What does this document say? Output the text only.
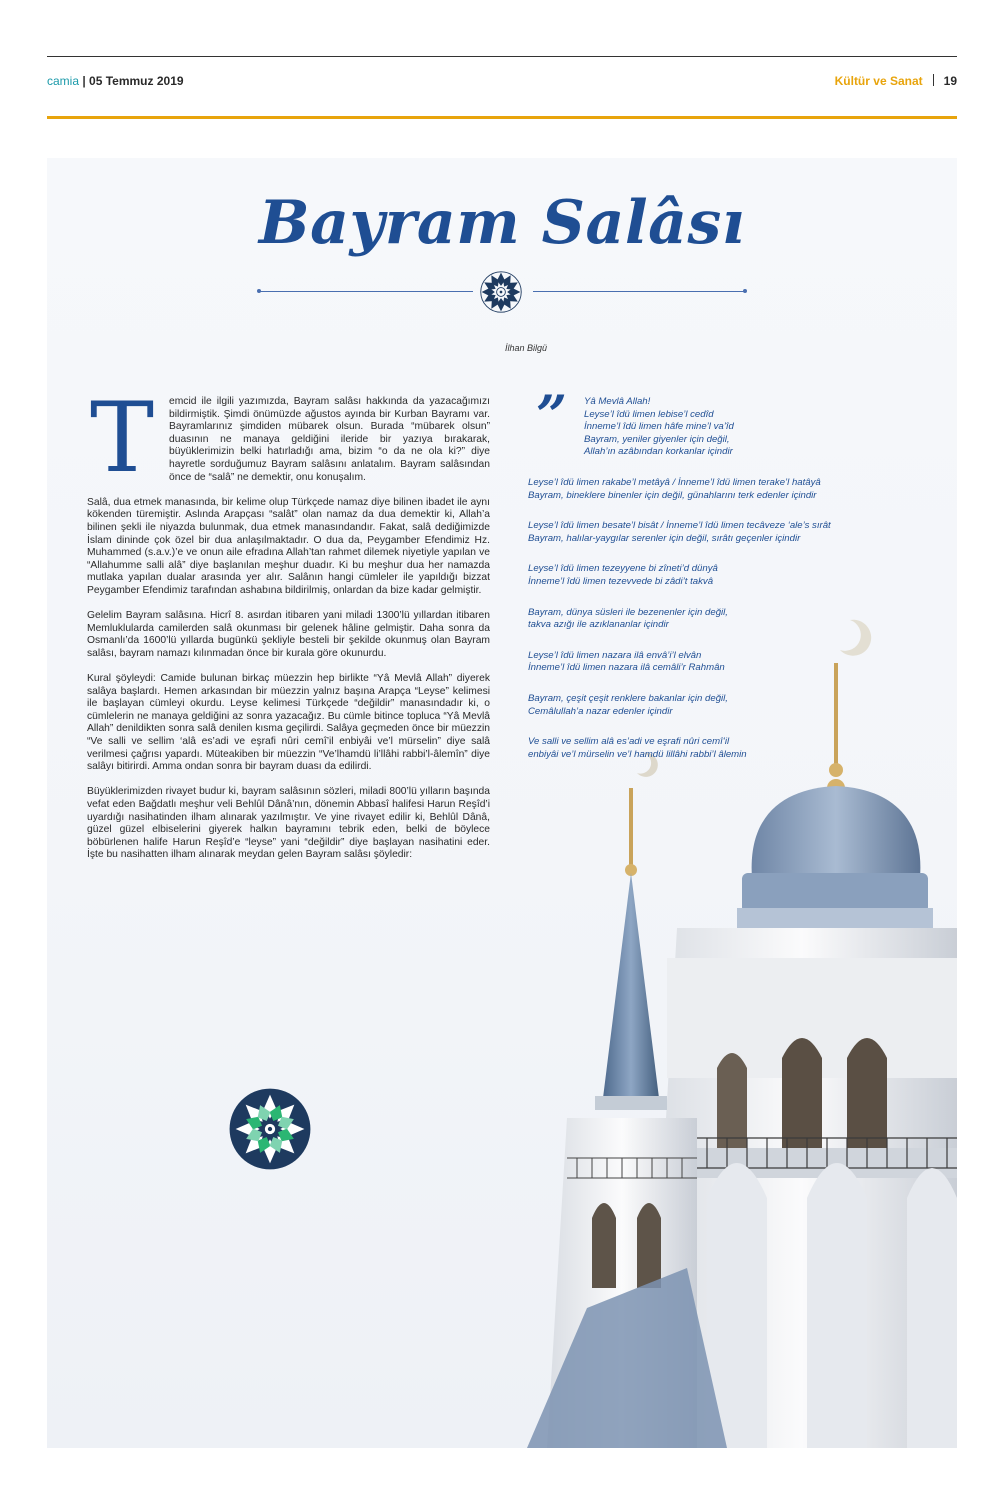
camia | 05 Temmuz 2019	Kültür ve Sanat 19
Bayram Salâsı
İlhan Bilgü

T emcid ile ilgili yazımızda, Bayram salâsı hakkında da yazacağımızı bildirmiştik. Şimdi önümüzde ağustos ayında bir Kurban Bayramı var. Bayramlarınız şimdiden mübarek olsun. Burada “mübarek olsun” duasının ne manaya geldiğini ileride bir yazıya bırakarak, büyüklerimizin belki hatırladığı ama, bizim “o da ne ola ki?” diye hayretle sorduğumuz Bayram salâsını anlatalım. Bayram salâsından önce de “salâ” ne demektir, onu konuşalım.

Salâ, dua etmek manasında, bir kelime olup Türkçede namaz diye bilinen ibadet ile aynı kökenden türemiştir. Aslında Arapçası “salât” olan namaz da dua demektir ki, Allah’a bilinen şekli ile niyazda bulunmak, dua etmek manasındandır. Fakat, salâ dediğimizde İslam dininde çok özel bir dua anlaşılmaktadır. O dua da, Peygamber Efendimiz Hz. Muhammed (s.a.v.)’e ve onun aile efradına Allah’tan rahmet dilemek niyetiyle yapılan ve “Allahumme salli alâ” diye başlanılan meşhur duadır. Ki bu meşhur dua her namazda mutlaka yapılan dualar arasında yer alır. Salânın hangi cümleler ile yapıldığı bizzat Peygamber Efendimiz tarafından ashabına bildirilmiş, onlardan da bize kadar gelmiştir.

Gelelim Bayram salâsına. Hicrî 8. asırdan itibaren yani miladi 1300’lü yıllardan itibaren Memluklularda camilerden salâ okunması bir gelenek hâline gelmiştir. Daha sonra da Osmanlı’da 1600’lü yıllarda bugünkü şekliyle besteli bir şekilde okunmuş olan Bayram salâsı, bayram namazı kılınmadan önce bir kurala göre okunurdu.

Kural şöyleydi: Camide bulunan birkaç müezzin hep birlikte “Yâ Mevlâ Allah” diyerek salâya başlardı. Hemen arkasından bir müezzin yalnız başına Arapça “Leyse” kelimesi ile başlayan cümleyi okurdu. Leyse kelimesi Türkçede “değildir” manasındadır ki, o cümlelerin ne manaya geldiğini az sonra yazacağız. Bu cümle bitince topluca “Yâ Mevlâ Allah” denildikten sonra salâ denilen kısma geçilirdi. Salâya geçmeden önce bir müezzin “Ve salli ve sellim ‘alâ es’adi ve eşrafi nûri cemî’il enbiyâi ve’l mürselin” diye salâ verilmesi çağrısı yapardı. Müteakiben bir müezzin “Ve’lhamdü li’llâhi rabbi’l-âlemîn” diye salâyı bitirirdi. Amma ondan sonra bir bayram duası da edilirdi.

Büyüklerimizden rivayet budur ki, bayram salâsının sözleri, miladi 800’lü yılların başında vefat eden Bağdatlı meşhur veli Behlûl Dânâ’nın, dönemin Abbasî halifesi Harun Reşîd’i uyardığı nasihatinden ilham alınarak yazılmıştır. Ve yine rivayet edilir ki, Behlûl Dânâ, güzel güzel elbiselerini giyerek halkın bayramını tebrik eden, belki de böylece böbürlenen halife Harun Reşîd’e “leyse” yani “değildir” diye başlayan nasihatini eder. İşte bu nasihatten ilham alınarak meydan gelen Bayram salâsı şöyledir:

” Yâ Mevlâ Allah!
Leyse’l îdü limen lebise’l cedîd
İnneme’l îdü limen hâfe mine’l va’îd
Bayram, yeniler giyenler için değil,
Allah’ın azâbından korkanlar içindir
Leyse’l îdü limen rakabe’l metâyâ / İnneme’l îdü limen terake’l hatâyâ
Bayram, bineklere binenler için değil, günahlarını terk edenler içindir
Leyse’l îdü limen besate’l bisât / İnneme’l îdü limen tecâveze ‘ale’s sırât
Bayram, halılar-yaygılar serenler için değil, sırâtı geçenler içindir
Leyse’l îdü limen tezeyyene bi zîneti’d dünyâ
İnneme’l îdü limen tezevvede bi zâdi’t takvâ
Bayram, dünya süsleri ile bezenenler için değil,
takva azığı ile azıklananlar içindir
Leyse’l îdü limen nazara ilâ envâ’i’l elvân
İnneme’l îdü limen nazara ilâ cemâli’r Rahmân
Bayram, çeşit çeşit renklere bakanlar için değil,
Cemâlullah’a nazar edenler içindir
Ve salli ve sellim alâ es’adi ve eşrafi nûri cemî’il
enbiyâi ve’l mürselin ve’l hamdü lillâhi rabbi’l âlemin
